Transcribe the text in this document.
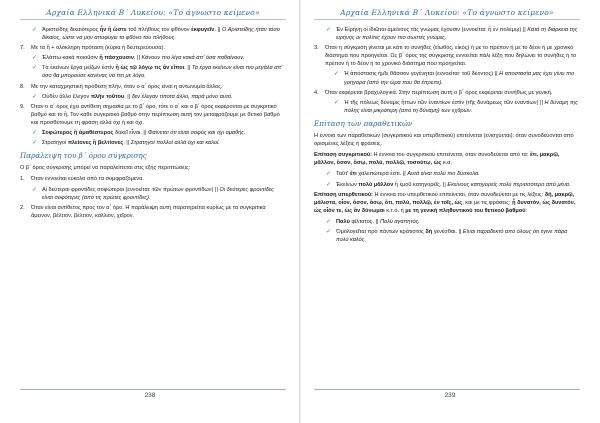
Αρχαία Ελληνικά Β΄ Λυκείου: «Το άγνωστο κείμενο»
✓ Ἀριστείδης δικαιότερος ἦν ἢ ὥστε τοῦ πλήθους τὸν φθόνον ἐκφυγεῖν. || Ο Αριστείδης ήταν τόσο δίκαιος, ώστε να μην αποφύγει το φθόνο του πλήθους.
7.	Με τα ἢ + ολόκληρη πρόταση (κύρια ή δευτερεύουσα).
✓ Ἐλάττω κακὰ ποιοῦσιν ἢ πάσχουσιν. || Κάνουν πιο λίγα κακά απ' όσα παθαίνουν.
✓ Τὰ ἐκείνων ἔργα μείζων ἐστὶν ἢ ὡς τῷ λόγῳ τις ἂν εἴποι. || Τα έργα εκείνων είναι πιο μεγάλα απ' όσο θα μπορούσε κανένας να πει με λόγο.
8.	Με την καταχρηστική πρόθεση πλήν, όταν ο α΄ όρος είναι η αντωνυμία ἄλλος.
✓ Οὐδὲν ἄλλο ἔλεγον πλὴν τοῦτου. || δεν έλεγαν τίποτα άλλο, παρά μόνο αυτό.
9.	Όταν ο α΄ όρος έχει αντίθετη σημασία με το β΄ όρο, τότε ο α΄ και ο β΄ όρος εκφέρονται με συγκριτικό βαθμό και το ἢ. Τον κάθε συγκριτικό βαθμό στην περίπτωση αυτή τον μεταφράζουμε με θετικό βαθμό και προσθέτουμε τη φράση αλλά όχι ή και όχι.
✓ Σοφώτερος ἢ ἀμαθέστερος δοκεῖ εἶναι. || Φαίνεται ότι είναι σοφός και όχι αμαθής.
✓ Στρατηγοὶ πλείονες ἢ βελτίονες. || Στρατηγοί πολλοί αλλά όχι και καλοί.
Παράλειψη του β΄ όρου σύγκρισης
Ο β΄ όρος σύγκρισης μπορεί να παραλείπεται στις εξής περιπτώσεις:
1.	Όταν εννοείται εύκολα από τα συμφραζόμενα.
✓ Αἱ δεύτεραι φροντίδες σοφώτεραι (εννοείται: τῶν πρώτων φροντίδων) || Οι δεύτερες φροντίδες είναι σοφότερες (από τις πρώτες φροντίδες).
2.	Όταν είναι αντίθετος προς τον α΄ όρο. Η παράλειψη αυτή παρατηρείται κυρίως με τα συγκριτικά ἄμεινον, βέλτιον, βέλτιον, κάλλιον, χεῖρον.
238
Αρχαία Ελληνικά Β΄ Λυκείου: «Το άγνωστο κείμενο»
✓ Ἐν Εἰρήνῃ οἱ ἰδιῶται ἀμείνους τὰς γνώμας ἔχουσιν (εννοείται: ἢ ἐν πολέμῳ) || Κατά τη διάρκεια της ειρήνης οι πολίτες έχουν πιο σωστές γνώμες.
3.	Όταν η σύγκριση γίνεται με κάτι το συνήθες (εἰωθός, εἰκός) ή με το πρέπον ή με το δέον ή με χρονικό διάστημα που προηγείται. Ως β΄ όρος της σύγκρισης εννοείται πάλι λέξη που δηλώνει το συνήθες ή το πρέπον ή το δέον ή το χρονικό διάστημα που προηγείται.
✓ Ἡ ἀπόστασις ἡμῖν θᾶσσον γεγένηται (εννοείται: τοῦ δέοντος) || Η αποστασία μας έχει γίνει πιο γρήγορα (από την ώρα που θα έπρεπε).
4.	Όταν εκφέρεται βραχυλογικά. Στην περίπτωση αυτή ο β΄ όρος εκφέρεται συνήθως με γενική.
✓ Ἡ τῆς πόλεως δύναμις ἥττων τῶν ἐναντίων ἐστίν (τῆς δυνάμεως τῶν ἐναντίων) || Η δύναμη της πόλης είναι μικρότερη (από τη δύναμη) των εχθρών.
Επίταση των παραθετικών
Η έννοια των παραθετικών (συγκριτικού και υπερθετικού) επιτείνεται (ενισχύεται), όταν συνοδεύονται από ορισμένες λέξεις ή φράσεις.
Επίταση συγκριτικού: Η έννοια του συγκριτικού επιτείνεται, όταν συνοδεύεται από τα: ἔτι, μακρῷ, μᾶλλον, ὅσον, ὅσῳ, πολύ, πολλῷ, τοσούτῳ, ὡς κ.α.
✓ Ταῦτ' ἔτι χαλεπώτερά ἐστι. || Αυτά είναι πολύ πιο δύσκολα.
✓ Ἐκείνων πολὺ μᾶλλον ἢ ἐμοῦ κατηγορεῖς. || Εκείνους κατηγορείς πολύ περισσότερο από μένα.
Επίταση υπερθετικού: Η έννοια του υπερθετικού επιτείνεται, όταν συνοδεύεται με τις λέξεις: δή, μακρῷ, μάλιστα, οἷον, ὅσον, ὅσῳ, ὅτι, πολύ, πολλῷ, ἐν τοῖς, ὡς, και με τις φράσεις: ᾗ δυνατόν, ὡς δυνατόν, ὡς οἷόν τε, ὡς ἂν δύνωμαι κ.τ.ό. ή με τη γενική πληθυντικού του θετικού βαθμού:
✓ Παλὺ φίλτατος. || Πολύ αγαπητός.
✓ Ὁμολογεῖται πρὸ πάντων κράτιστος δὴ γενέσθαι. || Είναι παραδεκτό από όλους ότι έγινε πάρα πολύ καλός.
239
